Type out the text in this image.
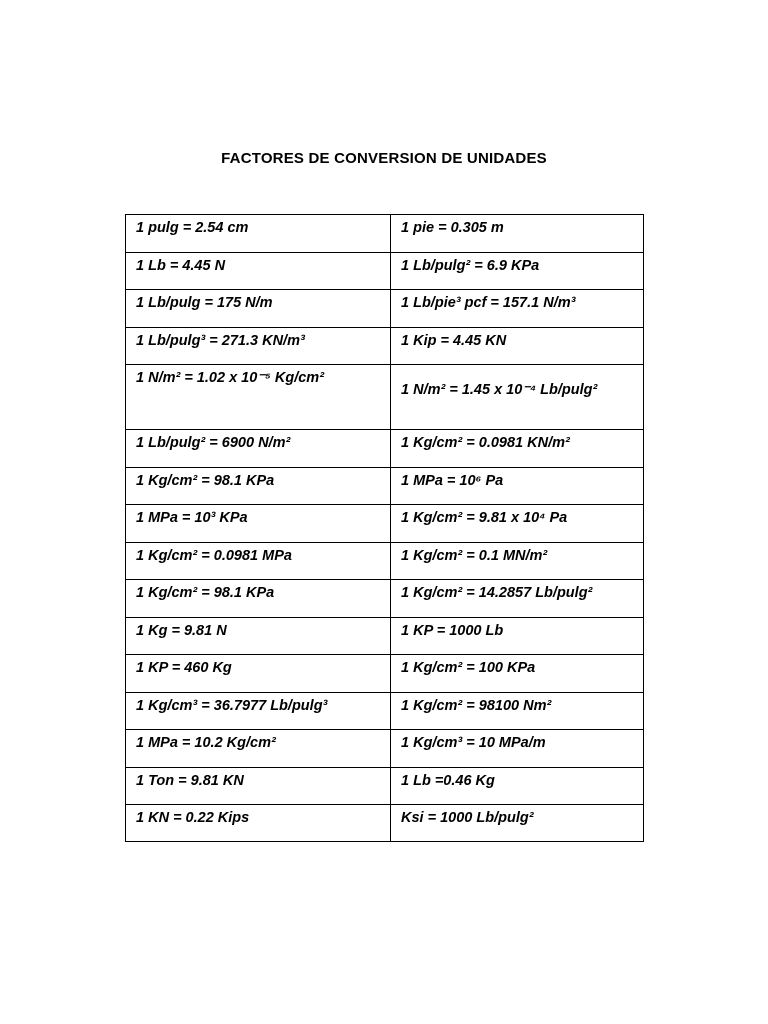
FACTORES DE CONVERSION DE UNIDADES
1 pulg = 2.54 cm	1 pie = 0.305 m
1 Lb = 4.45 N	1 Lb/pulg² = 6.9 KPa
1 Lb/pulg = 175 N/m	1 Lb/pie³ pcf = 157.1 N/m³
1 Lb/pulg³ = 271.3 KN/m³	1 Kip = 4.45 KN
1 N/m² = 1.02 x 10⁻⁵ Kg/cm²	1 N/m² = 1.45 x 10⁻⁴ Lb/pulg²
1 Lb/pulg² = 6900 N/m²	1 Kg/cm² = 0.0981 KN/m²
1 Kg/cm² = 98.1 KPa	1 MPa = 10⁶ Pa
1 MPa = 10³ KPa	1 Kg/cm² = 9.81 x 10⁴ Pa
1 Kg/cm² = 0.0981 MPa	1 Kg/cm² = 0.1 MN/m²
1 Kg/cm² = 98.1 KPa	1 Kg/cm² = 14.2857 Lb/pulg²
1 Kg = 9.81 N	1 KP = 1000 Lb
1 KP = 460 Kg	1 Kg/cm² = 100 KPa
1 Kg/cm³ = 36.7977 Lb/pulg³	1 Kg/cm² = 98100 Nm²
1 MPa = 10.2 Kg/cm²	1 Kg/cm³ = 10 MPa/m
1 Ton = 9.81 KN	1 Lb =0.46 Kg
1 KN = 0.22 Kips	Ksi = 1000 Lb/pulg²
